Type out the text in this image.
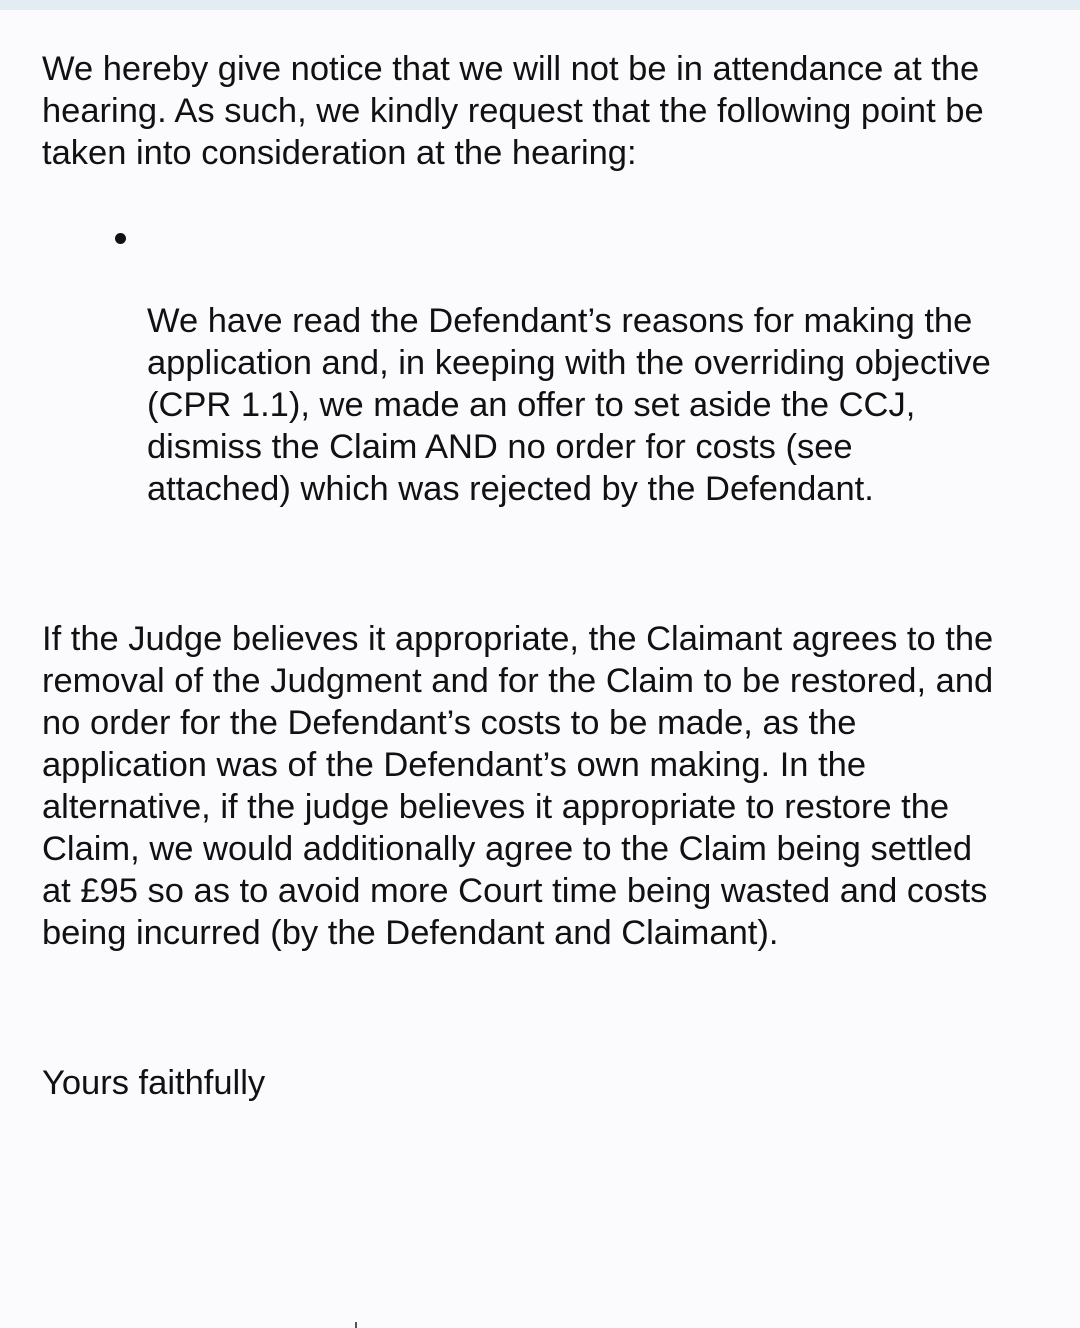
We hereby give notice that we will not be in attendance at the
hearing. As such, we kindly request that the following point be
taken into consideration at the hearing:

We have read the Defendant’s reasons for making the
application and, in keeping with the overriding objective
(CPR 1.1), we made an offer to set aside the CCJ,
dismiss the Claim AND no order for costs (see
attached) which was rejected by the Defendant.

If the Judge believes it appropriate, the Claimant agrees to the
removal of the Judgment and for the Claim to be restored, and
no order for the Defendant’s costs to be made, as the
application was of the Defendant’s own making. In the
alternative, if the judge believes it appropriate to restore the
Claim, we would additionally agree to the Claim being settled
at £95 so as to avoid more Court time being wasted and costs
being incurred (by the Defendant and Claimant).

Yours faithfully
